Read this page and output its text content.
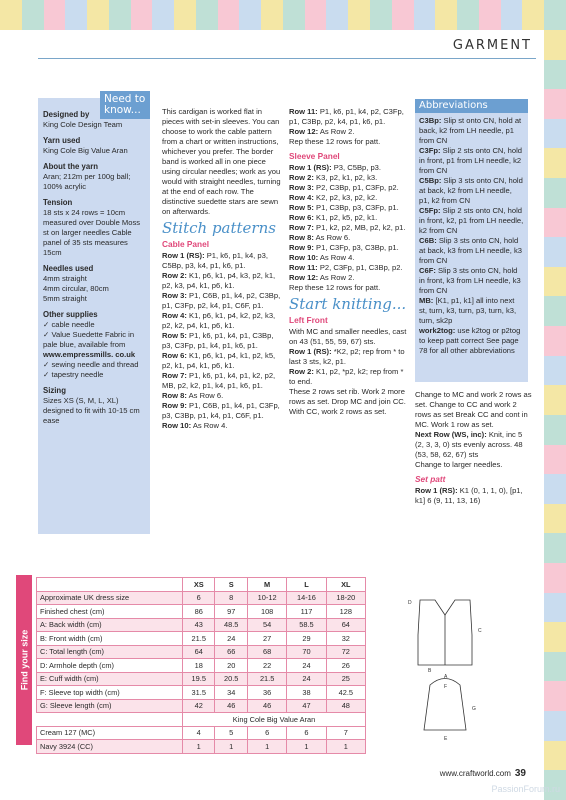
GARMENT
Designed by

King Cole Design Team

Yarn used

King Cole Big Value Aran

About the yarn

Aran; 212m per 100g ball; 100% acrylic

Tension

18 sts x 24 rows = 10cm measured over Double Moss st on larger needles Cable panel of 35 sts measures 15cm

Needles used

4mm straight

4mm circular, 80cm

5mm straight

Other supplies

✓ cable needle

✓ Value Suedette Fabric in pale blue, available from

www.empressmills. co.uk

✓ sewing needle and thread

✓ tapestry needle

Sizing

Sizes XS (S, M, L, XL) designed to fit with 10-15 cm ease

Need to know...	This cardigan is worked flat in pieces with set-in sleeves. You can choose to work the cable pattern from a chart or written instructions, whichever you prefer. The border band is worked all in one piece using circular needles; work as you would with straight needles, turning at the end of each row. The distinctive suedette stars are sewn on afterwards.

Stitch patterns
Cable Panel

Row 1 (RS): P1, k6, p1, k4, p3, C5Bp, p3, k4, p1, k6, p1.

Row 2: K1, p6, k1, p4, k3, p2, k1, p2, k3, p4, k1, p6, k1.

Row 3: P1, C6B, p1, k4, p2, C3Bp, p1, C3Fp, p2, k4, p1, C6F, p1.

Row 4: K1, p6, k1, p4, k2, p2, k3, p2, k2, p4, k1, p6, k1.

Row 5: P1, k6, p1, k4, p1, C3Bp, p3, C3Fp, p1, k4, p1, k6, p1.

Row 6: K1, p6, k1, p4, k1, p2, k5, p2, k1, p4, k1, p6, k1.

Row 7: P1, k6, p1, k4, p1, k2, p2, MB, p2, k2, p1, k4, p1, k6, p1.

Row 8: As Row 6.

Row 9: P1, C6B, p1, k4, p1, C3Fp, p3, C3Bp, p1, k4, p1, C6F, p1.

Row 10: As Row 4.

Row 11: P1, k6, p1, k4, p2, C3Fp, p1, C3Bp, p2, k4, p1, k6, p1.

Row 12: As Row 2.

Rep these 12 rows for patt.

Sleeve Panel

Row 1 (RS): P3, C5Bp, p3.

Row 2: K3, p2, k1, p2, k3.

Row 3: P2, C3Bp, p1, C3Fp, p2.

Row 4: K2, p2, k3, p2, k2.

Row 5: P1, C3Bp, p3, C3Fp, p1.

Row 6: K1, p2, k5, p2, k1.

Row 7: P1, k2, p2, MB, p2, k2, p1.

Row 8: As Row 6.

Row 9: P1, C3Fp, p3, C3Bp, p1.

Row 10: As Row 4.

Row 11: P2, C3Fp, p1, C3Bp, p2.

Row 12: As Row 2.

Rep these 12 rows for patt.

Start knitting...
Left Front

With MC and smaller needles, cast on 43 (51, 55, 59, 67) sts.

Row 1 (RS): *K2, p2; rep from * to last 3 sts, k2, p1.

Row 2: K1, p2, *p2, k2; rep from * to end.

These 2 rows set rib. Work 2 more rows as set. Drop MC and join CC. With CC, work 2 rows as set.

Abbreviations

C3Bp: Slip st onto CN, hold at back, k2 from LH needle, p1 from CN

C3Fp: Slip 2 sts onto CN, hold in front, p1 from LH needle, k2 from CN

C5Bp: Slip 3 sts onto CN, hold at back, k2 from LH needle, p1, k2 from CN

C5Fp: Slip 2 sts onto CN, hold in front, k2, p1 from LH needle, k2 from CN

C6B: Slip 3 sts onto CN, hold at back, k3 from LH needle, k3 from CN

C6F: Slip 3 sts onto CN, hold in front, k3 from LH needle, k3 from CN

MB: [K1, p1, k1] all into next st, turn, k3, turn, p3, turn, k3, turn, sk2p

work2tog: use k2tog or p2tog to keep patt correct See page 78 for all other abbreviations

Change to MC and work 2 rows as set. Change to CC and work 2 rows as set Break CC and cont in MC. Work 1 row as set.

Next Row (WS, inc): Knit, inc 5 (2, 3, 3, 0) sts evenly across. 48 (53, 58, 62, 67) sts

Change to larger needles.

Set patt

Row 1 (RS): K1 (0, 1, 1, 0), [p1, k1] 6 (9, 11, 13, 16)

Find your size
	XS	S	M	L	XL
Approximate UK dress size	6	8	10-12	14-16	18-20
Finished chest (cm)	86	97	108	117	128
A: Back width (cm)	43	48.5	54	58.5	64
B: Front width (cm)	21.5	24	27	29	32
C: Total length (cm)	64	66	68	70	72
D: Armhole depth (cm)	18	20	22	24	26
E: Cuff width (cm)	19.5	20.5	21.5	24	25
F: Sleeve top width (cm)	31.5	34	36	38	42.5
G: Sleeve length (cm)	42	46	46	47	48
	King Cole Big Value Aran				
Cream 127 (MC)	4	5	6	6	7
Navy 3924 (CC)	1	1	1	1	1
D
C
B
A
F
G
E
www.craftworld.com 39
PassionForum.ru
